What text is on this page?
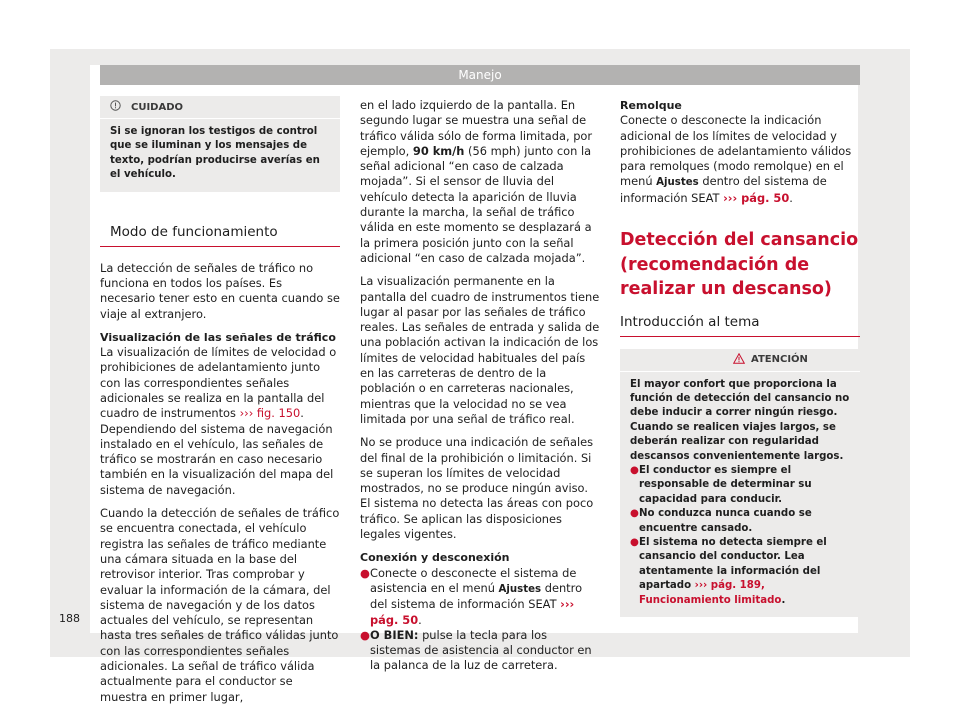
Manejo
CUIDADO
Si se ignoran los testigos de control que se iluminan y los mensajes de texto, podrían producirse averías en el vehículo.
Modo de funcionamiento

La detección de señales de tráfico no funciona en todos los países. Es necesario tener esto en cuenta cuando se viaje al extranjero.

Visualización de las señales de tráfico

La visualización de límites de velocidad o prohibiciones de adelantamiento junto con las correspondientes señales adicionales se realiza en la pantalla del cuadro de instrumentos ››› fig. 150. Dependiendo del sistema de navegación instalado en el vehículo, las señales de tráfico se mostrarán en caso necesario también en la visualización del mapa del sistema de navegación.

Cuando la detección de señales de tráfico se encuentra conectada, el vehículo registra las señales de tráfico mediante una cámara situada en la base del retrovisor interior. Tras comprobar y evaluar la información de la cámara, del sistema de navegación y de los datos actuales del vehículo, se representan hasta tres señales de tráfico válidas junto con las correspondientes señales adicionales. La señal de tráfico válida actualmente para el conductor se muestra en primer lugar,

en el lado izquierdo de la pantalla. En segundo lugar se muestra una señal de tráfico válida sólo de forma limitada, por ejemplo, 90 km/h (56 mph) junto con la señal adicional “en caso de calzada mojada”. Si el sensor de lluvia del vehículo detecta la aparición de lluvia durante la marcha, la señal de tráfico válida en este momento se desplazará a la primera posición junto con la señal adicional “en caso de calzada mojada”.

La visualización permanente en la pantalla del cuadro de instrumentos tiene lugar al pasar por las señales de tráfico reales. Las señales de entrada y salida de una población activan la indicación de los límites de velocidad habituales del país en las carreteras de dentro de la población o en carreteras nacionales, mientras que la velocidad no se vea limitada por una señal de tráfico real.

No se produce una indicación de señales del final de la prohibición o limitación. Si se superan los límites de velocidad mostrados, no se produce ningún aviso. El sistema no detecta las áreas con poco tráfico. Se aplican las disposiciones legales vigentes.

Conexión y desconexión

● Conecte o desconecte el sistema de asistencia en el menú Ajustes dentro del sistema de información SEAT ››› pág. 50.

● O BIEN: pulse la tecla para los sistemas de asistencia al conductor en la palanca de la luz de carretera.

Remolque

Conecte o desconecte la indicación adicional de los límites de velocidad y prohibiciones de adelantamiento válidos para remolques (modo remolque) en el menú Ajustes dentro del sistema de información SEAT ››› pág. 50.

Detección del cansancio (recomendación de realizar un descanso)
Introducción al tema
ATENCIÓN
El mayor confort que proporciona la función de detección del cansancio no debe inducir a correr ningún riesgo. Cuando se realicen viajes largos, se deberán realizar con regularidad descansos convenientemente largos.
● El conductor es siempre el responsable de determinar su capacidad para conducir.
● No conduzca nunca cuando se encuentre cansado.
● El sistema no detecta siempre el cansancio del conductor. Lea atentamente la información del apartado ››› pág. 189, Funcionamiento limitado.
188
